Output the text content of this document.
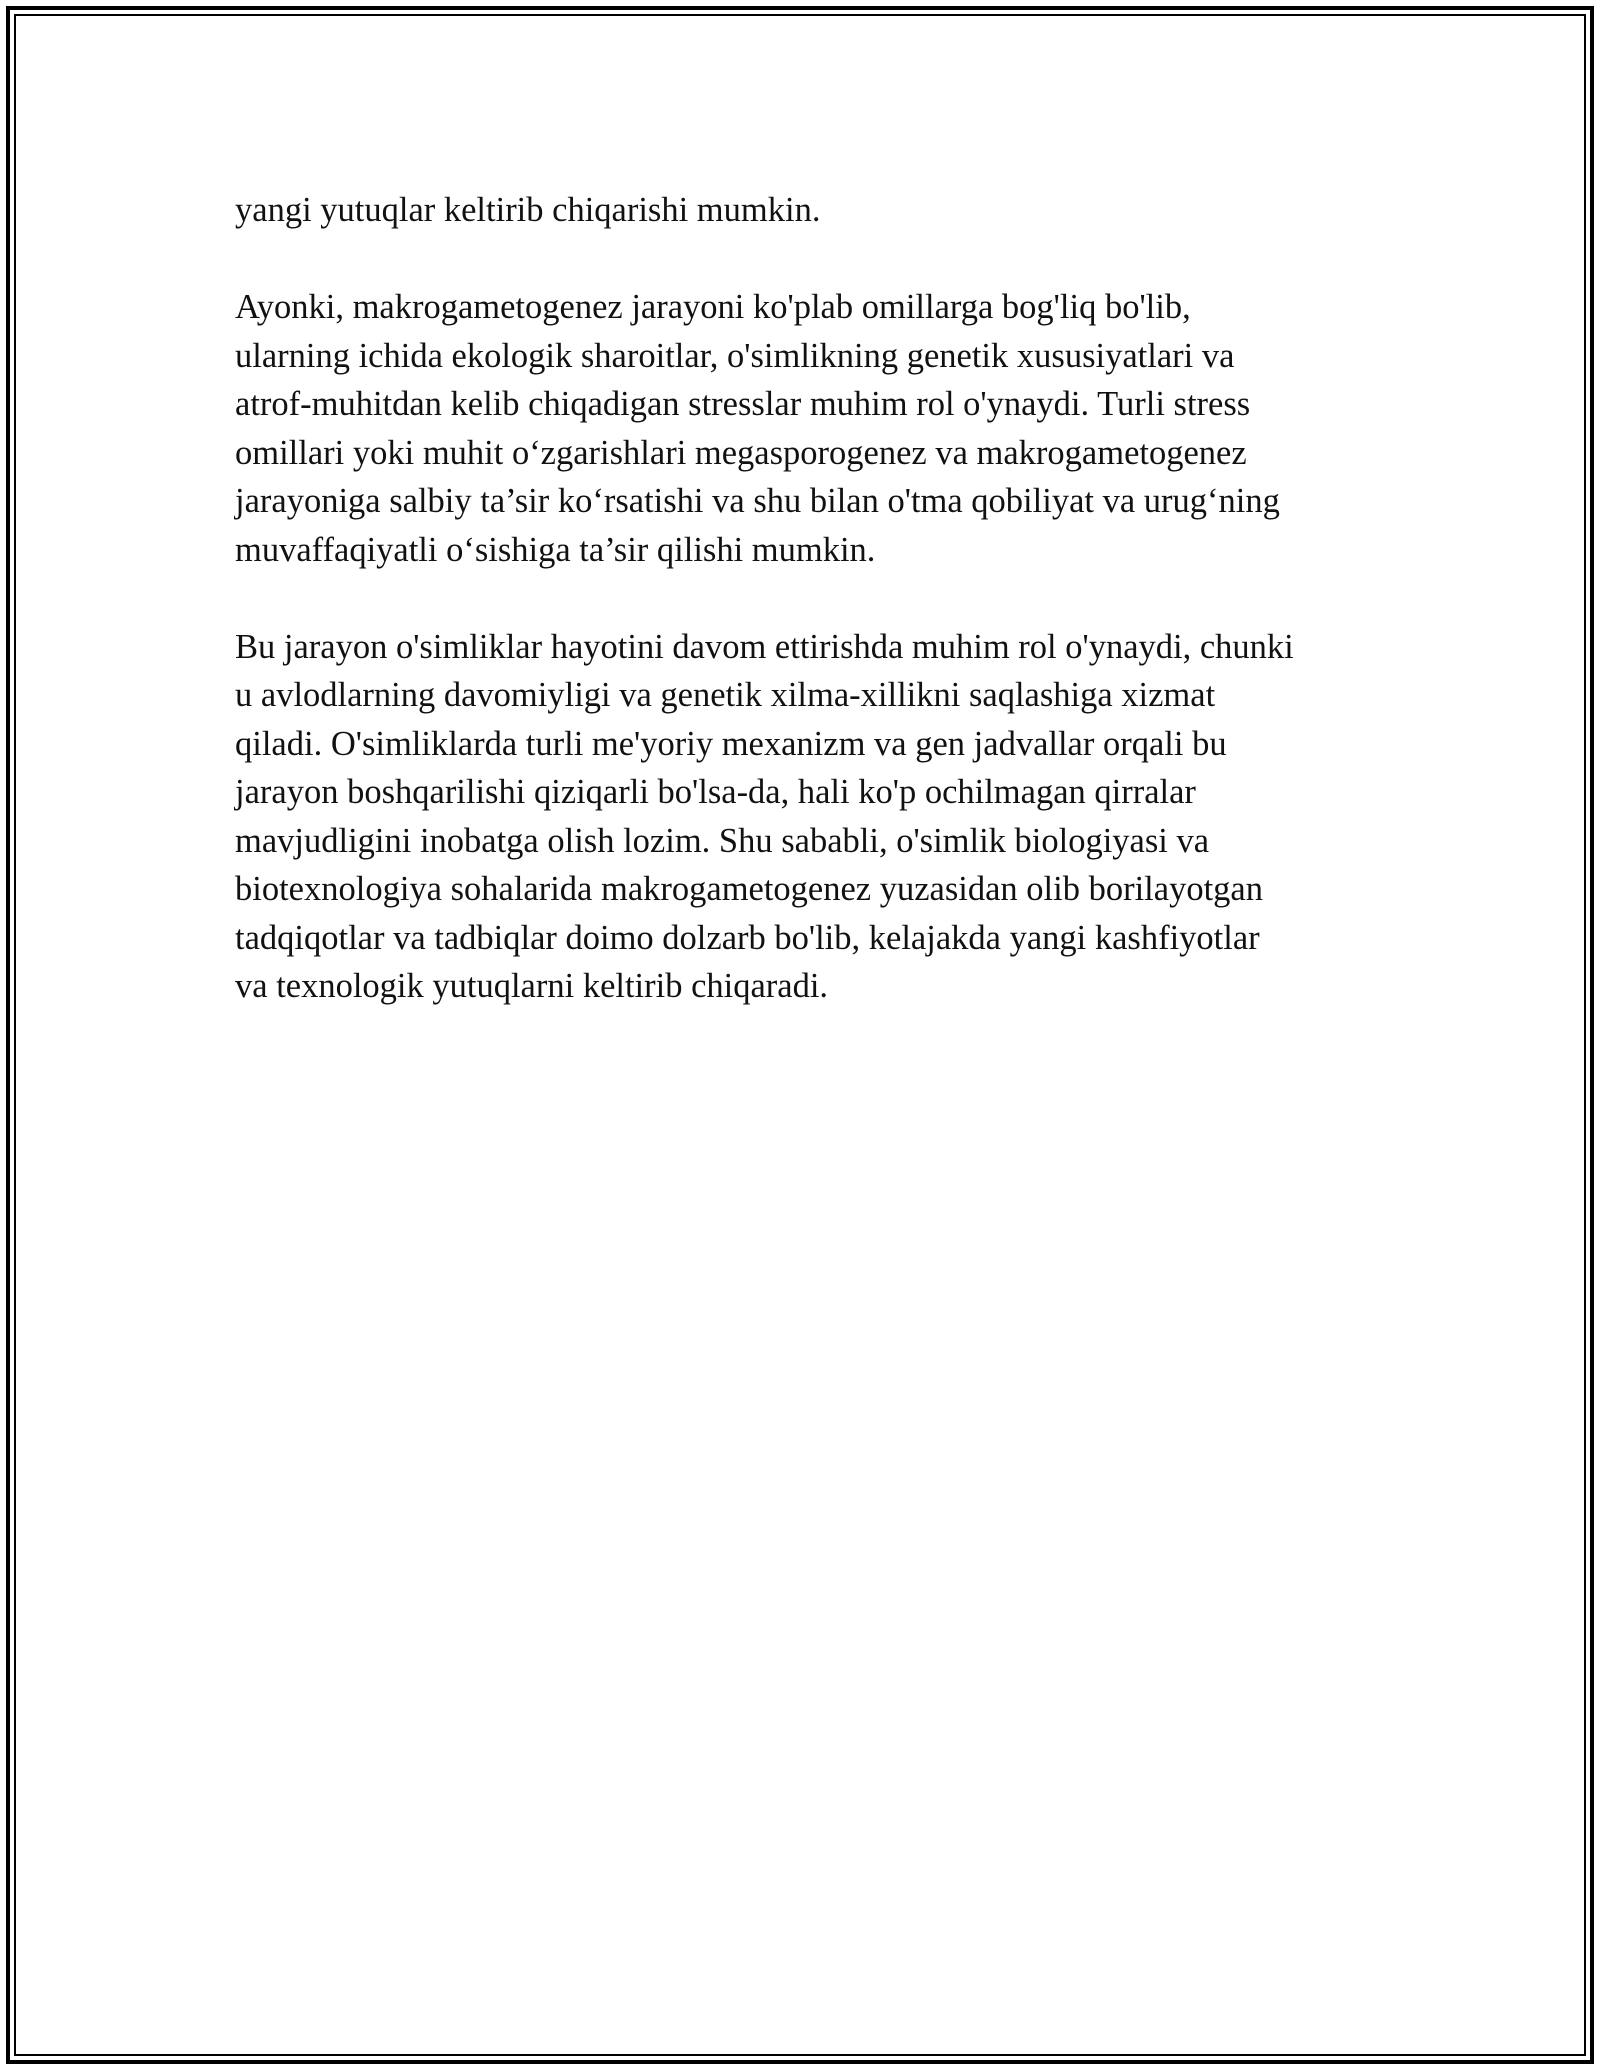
yangi yutuqlar keltirib chiqarishi mumkin.

Ayonki, makrogametogenez jarayoni ko'plab omillarga bog'liq bo'lib,
ularning ichida ekologik sharoitlar, o'simlikning genetik xususiyatlari va
atrof-muhitdan kelib chiqadigan stresslar muhim rol o'ynaydi. Turli stress
omillari yoki muhit o‘zgarishlari megasporogenez va makrogametogenez
jarayoniga salbiy ta’sir ko‘rsatishi va shu bilan o'tma qobiliyat va urug‘ning
muvaffaqiyatli o‘sishiga ta’sir qilishi mumkin.

Bu jarayon o'simliklar hayotini davom ettirishda muhim rol o'ynaydi, chunki
u avlodlarning davomiyligi va genetik xilma-xillikni saqlashiga xizmat
qiladi. O'simliklarda turli me'yoriy mexanizm va gen jadvallar orqali bu
jarayon boshqarilishi qiziqarli bo'lsa-da, hali ko'p ochilmagan qirralar
mavjudligini inobatga olish lozim. Shu sababli, o'simlik biologiyasi va
biotexnologiya sohalarida makrogametogenez yuzasidan olib borilayotgan
tadqiqotlar va tadbiqlar doimo dolzarb bo'lib, kelajakda yangi kashfiyotlar
va texnologik yutuqlarni keltirib chiqaradi.
